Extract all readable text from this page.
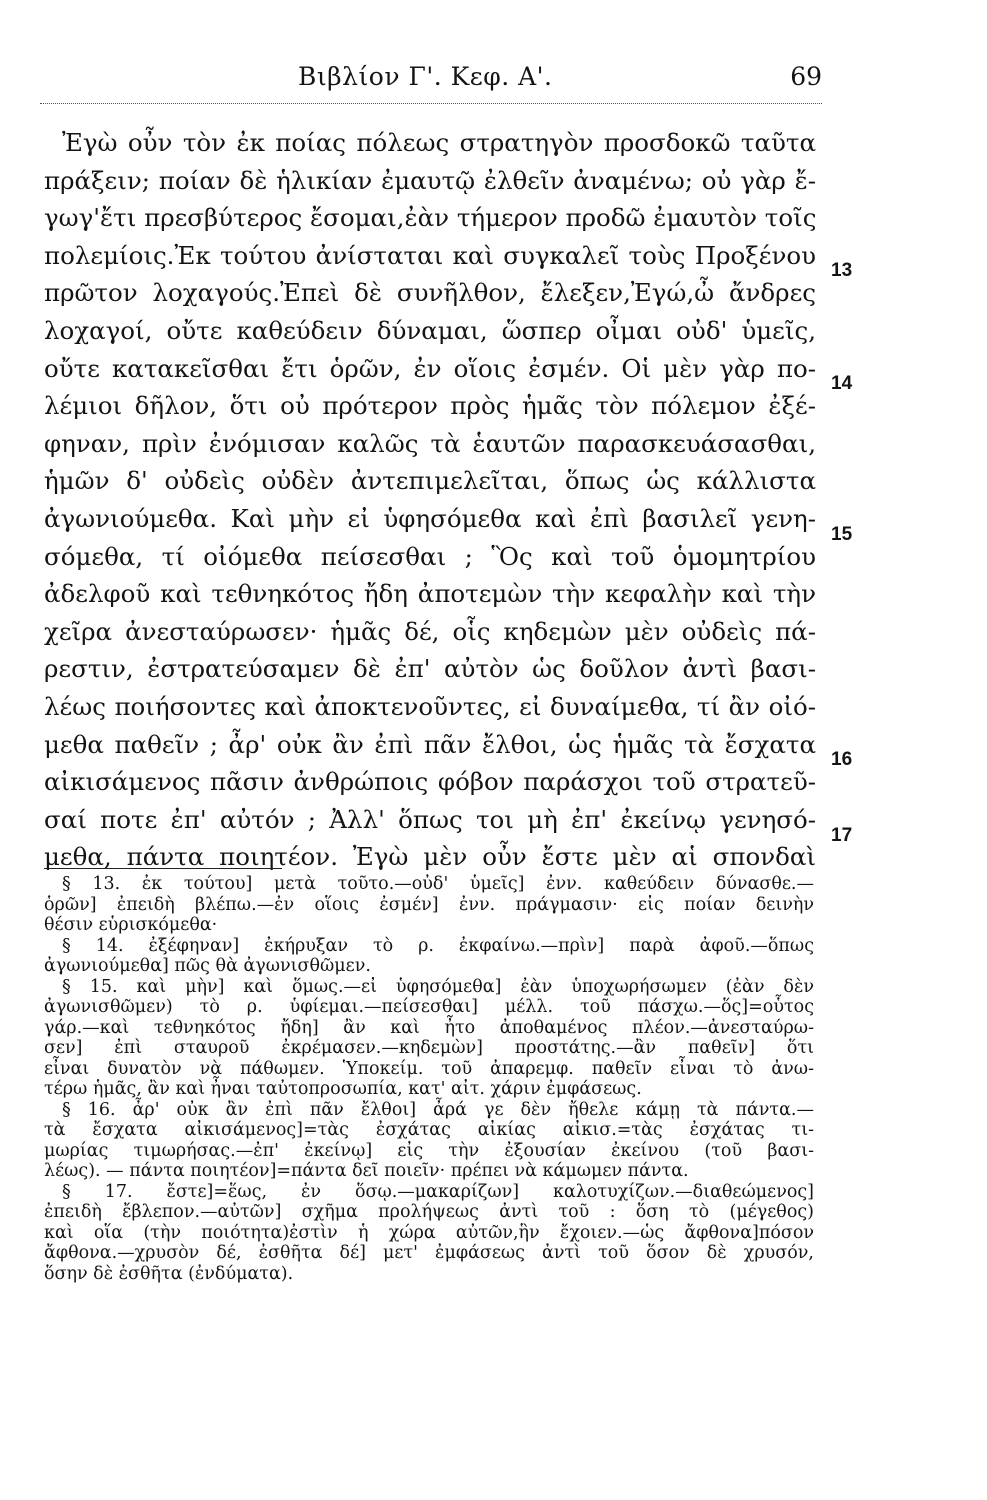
Βιβλίον Γ'. Κεφ. Α'.	69
Ἐγὼ οὖν τὸν ἐκ ποίας πόλεως στρατηγὸν προσδοκῶ ταῦτα
πράξειν; ποίαν δὲ ἡλικίαν ἐμαυτῷ ἐλθεῖν ἀναμένω; οὐ γὰρ ἔ-
γωγ'ἔτι πρεσβύτερος ἔσομαι,ἐὰν τήμερον προδῶ ἐμαυτὸν τοῖς
πολεμίοις.Ἐκ τούτου ἀνίσταται καὶ συγκαλεῖ τοὺς Προξένου
πρῶτον λοχαγούς.Ἐπεὶ δὲ συνῆλθον, ἔλεξεν,Ἐγώ,ὦ ἄνδρες
λοχαγοί, οὔτε καθεύδειν δύναμαι, ὥσπερ οἶμαι οὐδ' ὑμεῖς,
οὔτε κατακεῖσθαι ἔτι ὁρῶν, ἐν οἵοις ἐσμέν. Οἱ μὲν γὰρ πο-
λέμιοι δῆλον, ὅτι οὐ πρότερον πρὸς ἡμᾶς τὸν πόλεμον ἐξέ-
φηναν, πρὶν ἐνόμισαν καλῶς τὰ ἑαυτῶν παρασκευάσασθαι,
ἡμῶν δ' οὐδεὶς οὐδὲν ἀντεπιμελεῖται, ὅπως ὡς κάλλιστα
ἀγωνιούμεθα. Καὶ μὴν εἰ ὑφησόμεθα καὶ ἐπὶ βασιλεῖ γενη-
σόμεθα, τί οἰόμεθα πείσεσθαι ; Ὃς καὶ τοῦ ὁμομητρίου
ἀδελφοῦ καὶ τεθνηκότος ἤδη ἀποτεμὼν τὴν κεφαλὴν καὶ τὴν
χεῖρα ἀνεσταύρωσεν· ἡμᾶς δέ, οἷς κηδεμὼν μὲν οὐδεὶς πά-
ρεστιν, ἐστρατεύσαμεν δὲ ἐπ' αὐτὸν ὡς δοῦλον ἀντὶ βασι-
λέως ποιήσοντες καὶ ἀποκτενοῦντες, εἰ δυναίμεθα, τί ἂν οἰό-
μεθα παθεῖν ; ἆρ' οὐκ ἂν ἐπὶ πᾶν ἔλθοι, ὡς ἡμᾶς τὰ ἔσχατα
αἰκισάμενος πᾶσιν ἀνθρώποις φόβον παράσχοι τοῦ στρατεῦ-
σαί ποτε ἐπ' αὐτόν ; Ἀλλ' ὅπως τοι μὴ ἐπ' ἐκείνῳ γενησό-
μεθα, πάντα ποιητέον. Ἐγὼ μὲν οὖν ἔστε μὲν αἱ σπονδαὶ
13
14
15
16
17
§ 13. ἐκ τούτου] μετὰ τοῦτο.—οὐδ' ὑμεῖς] ἐνν. καθεύδειν δύνασθε.—
ὁρῶν] ἐπειδὴ βλέπω.—ἐν οἵοις ἐσμέν] ἐνν. πράγμασιν· εἰς ποίαν δεινὴν
θέσιν εὑρισκόμεθα·
§ 14. ἐξέφηναν] ἐκήρυξαν τὸ ρ. ἐκφαίνω.—πρὶν] παρὰ ἀφοῦ.—ὅπως
ἀγωνιούμεθα] πῶς θὰ ἀγωνισθῶμεν.
§ 15. καὶ μὴν] καὶ ὅμως.—εἰ ὑφησόμεθα] ἐὰν ὑποχωρήσωμεν (ἐὰν δὲν
ἀγωνισθῶμεν) τὸ ρ. ὑφίεμαι.—πείσεσθαι] μέλλ. τοῦ πάσχω.—ὅς]=οὗτος
γάρ.—καὶ τεθνηκότος ἤδη] ἂν καὶ ἦτο ἀποθαμένος πλέον.—ἀνεσταύρω-
σεν] ἐπὶ σταυροῦ ἐκρέμασεν.—κηδεμὼν] προστάτης.—ἂν παθεῖν] ὅτι
εἶναι δυνατὸν νὰ πάθωμεν. Ὑποκείμ. τοῦ ἀπαρεμφ. παθεῖν εἶναι τὸ ἀνω-
τέρω ἡμᾶς, ἂν καὶ ἦναι ταὐτοπροσωπία, κατ' αἰτ. χάριν ἐμφάσεως.
§ 16. ἆρ' οὐκ ἂν ἐπὶ πᾶν ἔλθοι] ἆρά γε δὲν ἤθελε κάμῃ τὰ πάντα.—
τὰ ἔσχατα αἰκισάμενος]=τὰς ἐσχάτας αἰκίας αἰκισ.=τὰς ἐσχάτας τι-
μωρίας τιμωρήσας.—ἐπ' ἐκείνῳ] εἰς τὴν ἐξουσίαν ἐκείνου (τοῦ βασι-
λέως). — πάντα ποιητέον]=πάντα δεῖ ποιεῖν· πρέπει νὰ κάμωμεν πάντα.
§ 17. ἔστε]=ἕως, ἐν ὅσῳ.—μακαρίζων] καλοτυχίζων.—διαθεώμενος]
ἐπειδὴ ἔβλεπον.—αὐτῶν] σχῆμα προλήψεως ἀντὶ τοῦ : ὅση τὸ (μέγεθος)
καὶ οἵα (τὴν ποιότητα)ἐστὶν ἡ χώρα αὐτῶν,ἣν ἔχοιεν.—ὡς ἄφθονα]πόσον
ἄφθονα.—χρυσὸν δέ, ἐσθῆτα δέ] μετ' ἐμφάσεως ἀντὶ τοῦ ὅσον δὲ χρυσόν,
ὅσην δὲ ἐσθῆτα (ἐνδύματα).
